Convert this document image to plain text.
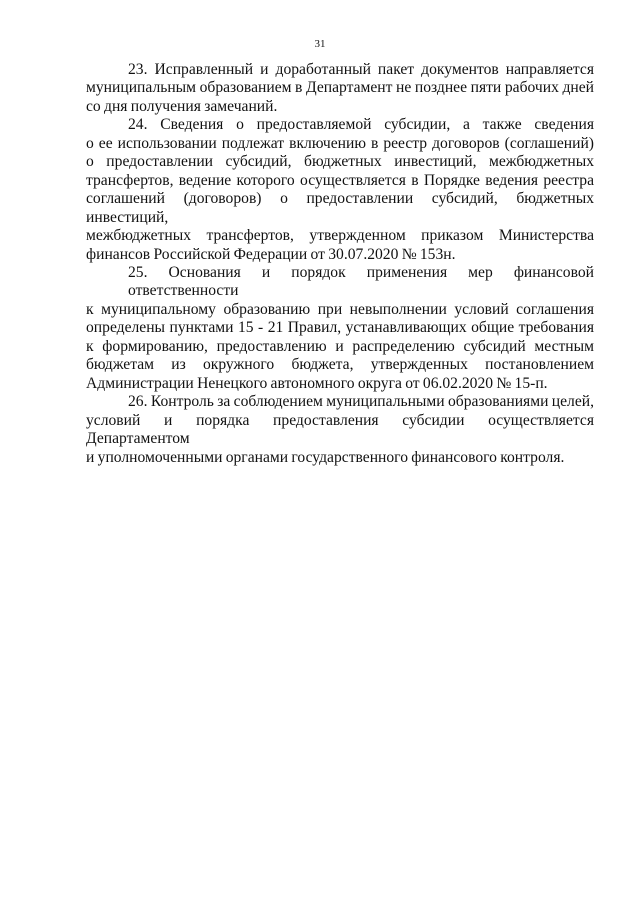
31
23. Исправленный и доработанный пакет документов направляется
муниципальным образованием в Департамент не позднее пяти рабочих дней
со дня получения замечаний.
24. Сведения о предоставляемой субсидии, а также сведения
о ее использовании подлежат включению в реестр договоров (соглашений)
о предоставлении субсидий, бюджетных инвестиций, межбюджетных
трансфертов, ведение которого осуществляется в Порядке ведения реестра
соглашений (договоров) о предоставлении субсидий, бюджетных инвестиций,
межбюджетных трансфертов, утвержденном приказом Министерства
финансов Российской Федерации от 30.07.2020 № 153н.
25. Основания и порядок применения мер финансовой ответственности
к муниципальному образованию при невыполнении условий соглашения
определены пунктами 15 - 21 Правил, устанавливающих общие требования
к формированию, предоставлению и распределению субсидий местным
бюджетам из окружного бюджета, утвержденных постановлением
Администрации Ненецкого автономного округа от 06.02.2020 № 15-п.
26. Контроль за соблюдением муниципальными образованиями целей,
условий и порядка предоставления субсидии осуществляется Департаментом
и уполномоченными органами государственного финансового контроля.
